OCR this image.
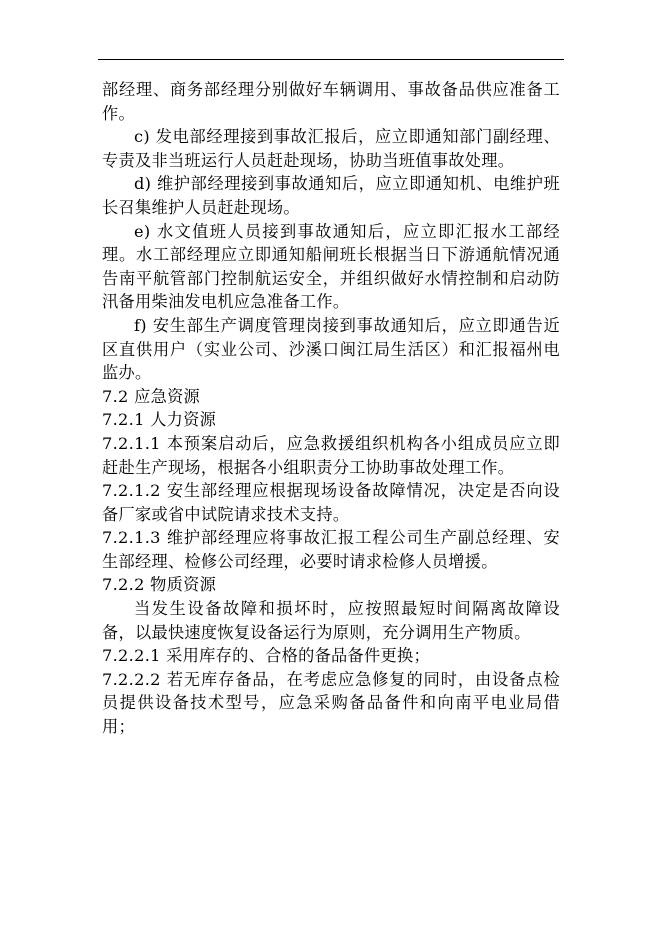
部经理、商务部经理分别做好车辆调用、事故备品供应准备工作。

c) 发电部经理接到事故汇报后，应立即通知部门副经理、专责及非当班运行人员赶赴现场，协助当班值事故处理。

d) 维护部经理接到事故通知后，应立即通知机、电维护班长召集维护人员赶赴现场。

e) 水文值班人员接到事故通知后，应立即汇报水工部经理。水工部经理应立即通知船闸班长根据当日下游通航情况通告南平航管部门控制航运安全，并组织做好水情控制和启动防汛备用柴油发电机应急准备工作。

f) 安生部生产调度管理岗接到事故通知后，应立即通告近区直供用户（实业公司、沙溪口闽江局生活区）和汇报福州电监办。

7.2 应急资源

7.2.1 人力资源

7.2.1.1 本预案启动后，应急救援组织机构各小组成员应立即赶赴生产现场，根据各小组职责分工协助事故处理工作。

7.2.1.2 安生部经理应根据现场设备故障情况，决定是否向设备厂家或省中试院请求技术支持。

7.2.1.3 维护部经理应将事故汇报工程公司生产副总经理、安生部经理、检修公司经理，必要时请求检修人员增援。

7.2.2 物质资源

当发生设备故障和损坏时，应按照最短时间隔离故障设备，以最快速度恢复设备运行为原则，充分调用生产物质。

7.2.2.1 采用库存的、合格的备品备件更换；

7.2.2.2 若无库存备品，在考虑应急修复的同时，由设备点检员提供设备技术型号，应急采购备品备件和向南平电业局借用；
